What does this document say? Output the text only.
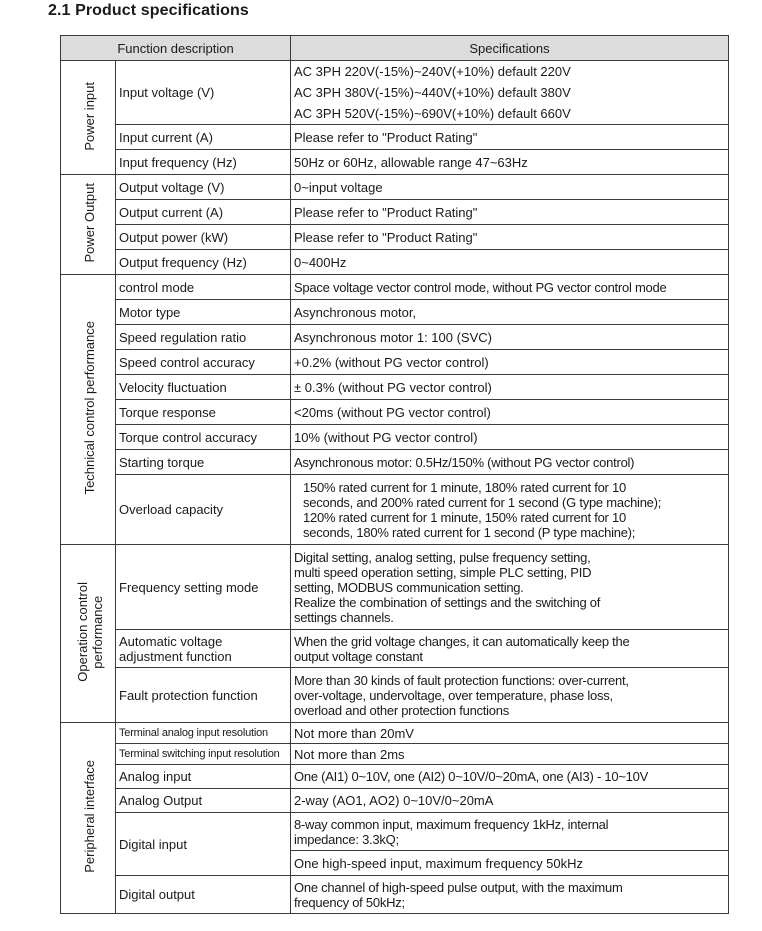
2.1 Product specifications
Function description		Specifications
Power input	Input voltage (V)	AC 3PH 220V(-15%)~240V(+10%) default 220V
AC 3PH 380V(-15%)~440V(+10%) default 380V
AC 3PH 520V(-15%)~690V(+10%) default 660V

	Input current (A)	Please refer to "Product Rating"
	Input frequency (Hz)	50Hz or 60Hz, allowable range 47~63Hz
Power Output	Output voltage (V)	0~input voltage
	Output current (A)	Please refer to "Product Rating"
	Output power (kW)	Please refer to "Product Rating"
	Output frequency (Hz)	0~400Hz
Technical control performance	control mode	Space voltage vector control mode, without PG vector control mode
	Motor type	Asynchronous motor,
	Speed regulation ratio	Asynchronous motor 1: 100 (SVC)
	Speed control accuracy	+0.2% (without PG vector control)
	Velocity fluctuation	± 0.3% (without PG vector control)
	Torque response	<20ms (without PG vector control)
	Torque control accuracy	10% (without PG vector control)
	Starting torque	Asynchronous motor: 0.5Hz/150% (without PG vector control)
	Overload capacity	150% rated current for 1 minute, 180% rated current for 10
seconds, and 200% rated current for 1 second (G type machine);
120% rated current for 1 minute, 150% rated current for 10
seconds, 180% rated current for 1 second (P type machine);

Operation control performance	Frequency setting mode	Digital setting, analog setting, pulse frequency setting,
multi speed operation setting, simple PLC setting, PID
setting, MODBUS communication setting.
Realize the combination of settings and the switching of
settings channels.

	Automatic voltage
adjustment function	When the grid voltage changes, it can automatically keep the
output voltage constant

	Fault protection function	More than 30 kinds of fault protection functions: over-current,
over-voltage, undervoltage, over temperature, phase loss,
overload and other protection functions

Peripheral interface	Terminal analog input resolution	Not more than 20mV
	Terminal switching input resolution	Not more than 2ms
	Analog input	One (AI1) 0~10V, one (AI2) 0~10V/0~20mA, one (AI3) - 10~10V
	Analog Output	2-way (AO1, AO2) 0~10V/0~20mA
	Digital input	8-way common input, maximum frequency 1kHz, internal
impedance: 3.3kQ;

		One high-speed input, maximum frequency 50kHz
	Digital output	One channel of high-speed pulse output, with the maximum
frequency of 50kHz;
